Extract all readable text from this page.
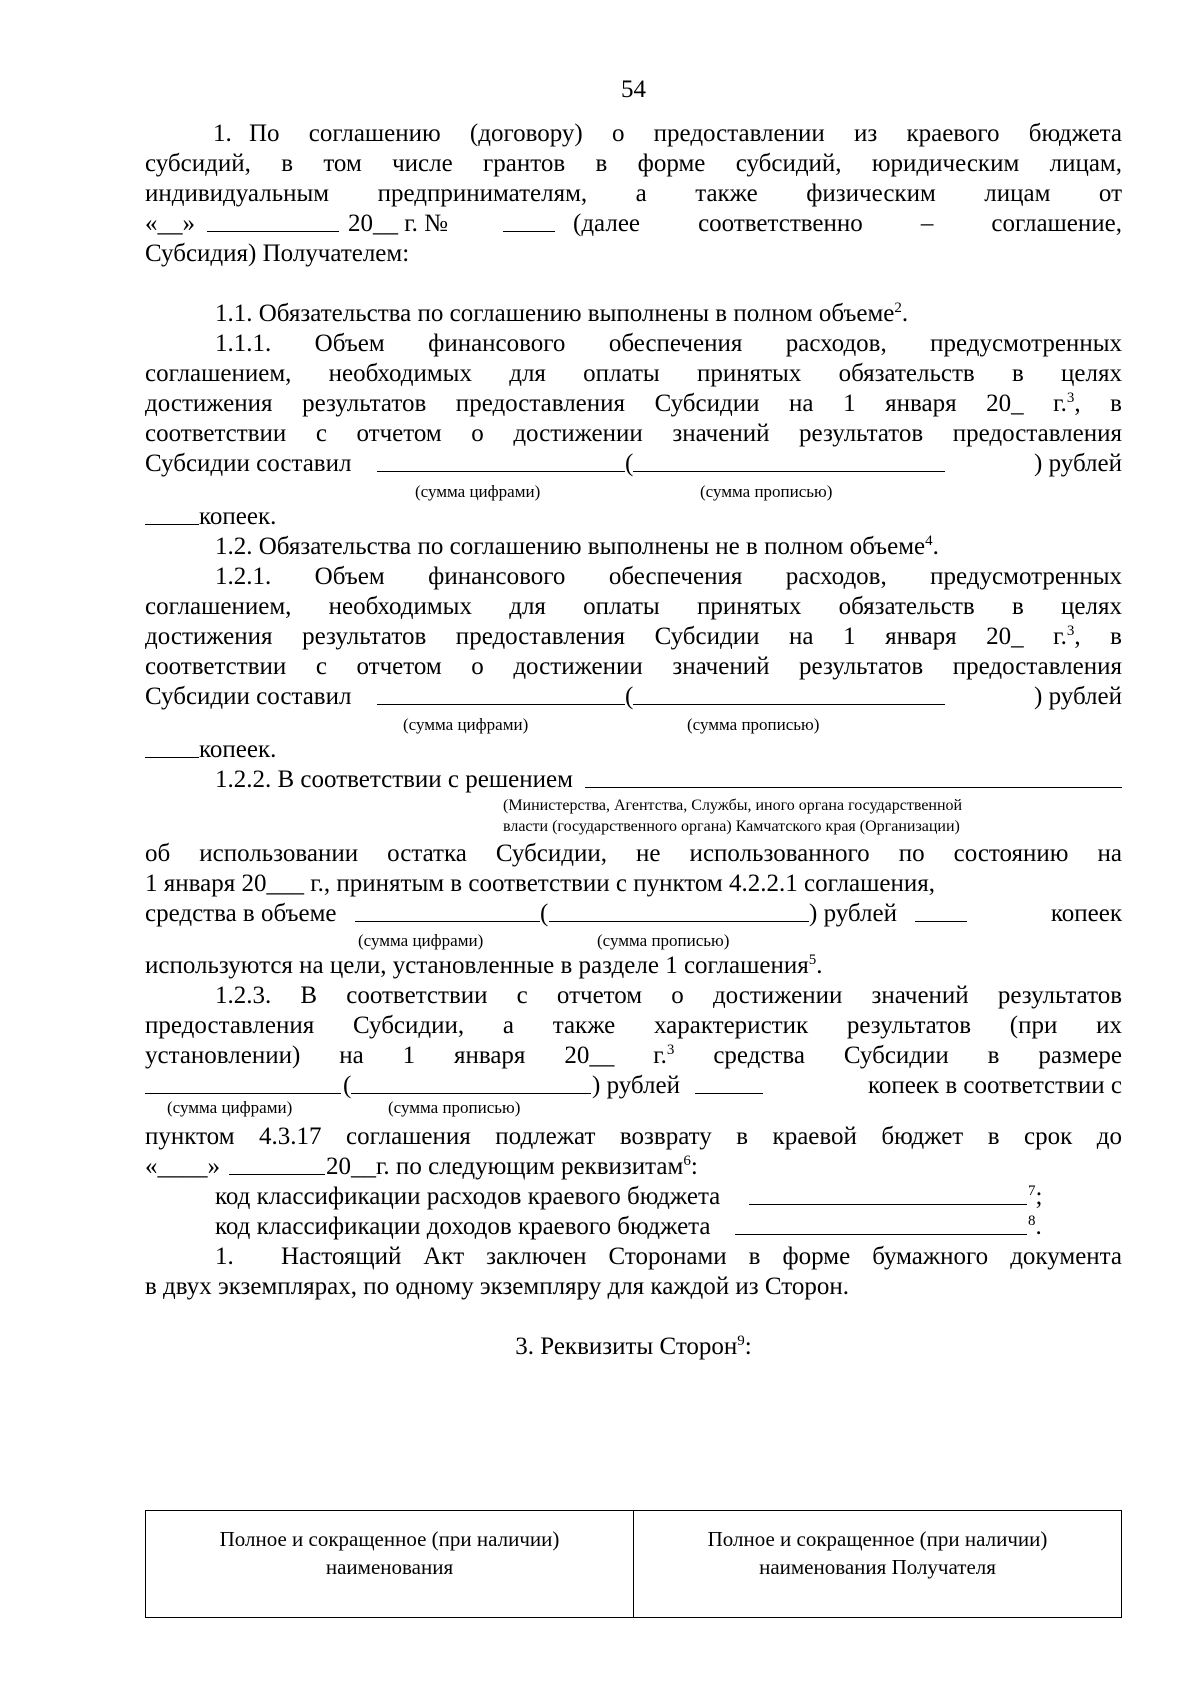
54
1. По соглашению (договору) о предоставлении из краевого бюджета
субсидий, в том числе грантов в форме субсидий, юридическим лицам,
индивидуальным предпринимателям, а также физическим лицам от
«__»	20__ г. №	(далее соответственно – соглашение,
Субсидия) Получателем:
1.1. Обязательства по соглашению выполнены в полном объеме$^2$.
1.1.1. Объем финансового обеспечения расходов, предусмотренных
соглашением, необходимых для оплаты принятых обязательств в целях
достижения результатов предоставления Субсидии на 1 января 20_ г.$^3$, в
соответствии с отчетом о достижении значений результатов предоставления
Субсидии составил	(	) рублей
(сумма цифрами)	(сумма прописью)
копеек.
1.2. Обязательства по соглашению выполнены не в полном объеме$^4$.
1.2.1. Объем финансового обеспечения расходов, предусмотренных
соглашением, необходимых для оплаты принятых обязательств в целях
достижения результатов предоставления Субсидии на 1 января 20_ г.$^3$, в
соответствии с отчетом о достижении значений результатов предоставления
Субсидии составил	(	) рублей
(сумма цифрами)	(сумма прописью)
копеек.
1.2.2. В соответствии с решением
(Министерства, Агентства, Службы, иного органа государственной
власти (государственного органа) Камчатского края (Организации)
об использовании остатка Субсидии, не использованного по состоянию на
1 января 20___ г., принятым в соответствии с пунктом 4.2.2.1 соглашения,
средства в объеме	(	) рублей	копеек
(сумма цифрами)	(сумма прописью)
используются на цели, установленные в разделе 1 соглашения$^5$.
1.2.3. В соответствии с отчетом о достижении значений результатов
предоставления Субсидии, а также характеристик результатов (при их
установлении) на 1 января 20__ г.$^3$ средства Субсидии в размере
(	) рублей	копеек в соответствии с
(сумма цифрами)	(сумма прописью)
пунктом 4.3.17 соглашения подлежат возврату в краевой бюджет в срок до
«____»	20__г. по следующим реквизитам$^6$:
код классификации расходов краевого бюджета	$^7$;
код классификации доходов краевого бюджета	$^8$.
1. Настоящий Акт заключен Сторонами в форме бумажного документа
в двух экземплярах, по одному экземпляру для каждой из Сторон.
3. Реквизиты Сторон$^9$:
Полное и сокращенное (при наличии)
наименования

Полное и сокращенное (при наличии)
наименования Получателя
